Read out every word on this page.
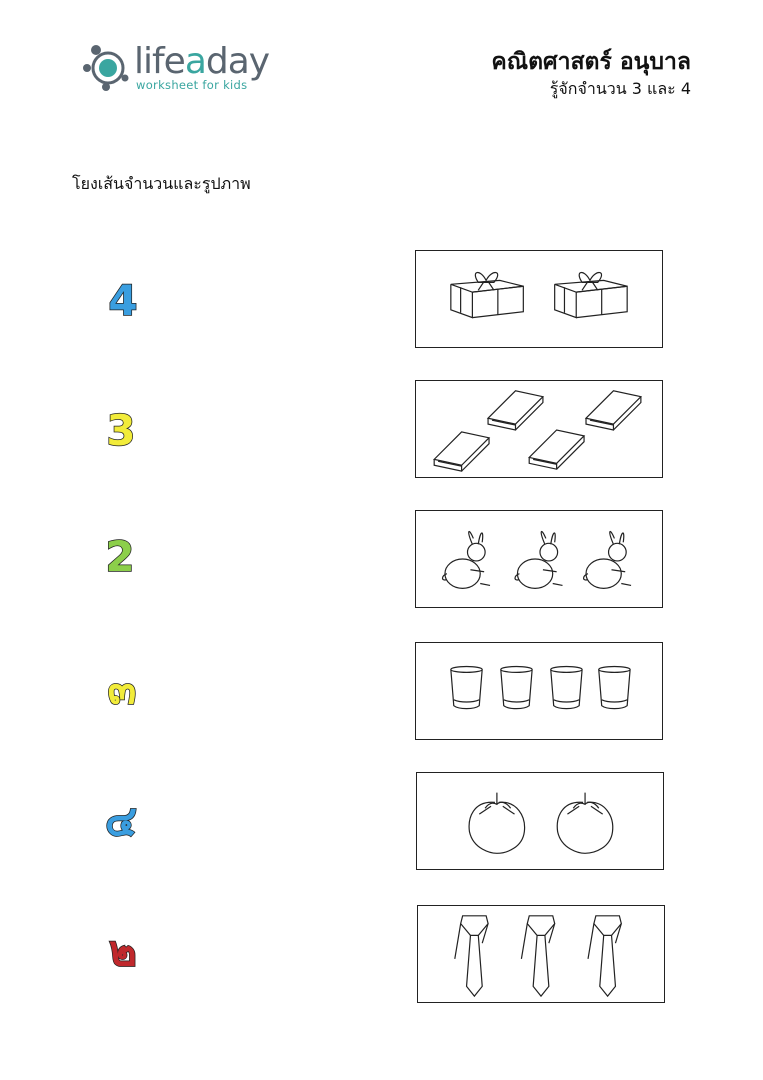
lifeaday
worksheet for kids
คณิตศาสตร์ อนุบาล
รู้จักจำนวน 3 และ 4
โยงเส้นจำนวนและรูปภาพ
4
3
2
๓
๔
๒
